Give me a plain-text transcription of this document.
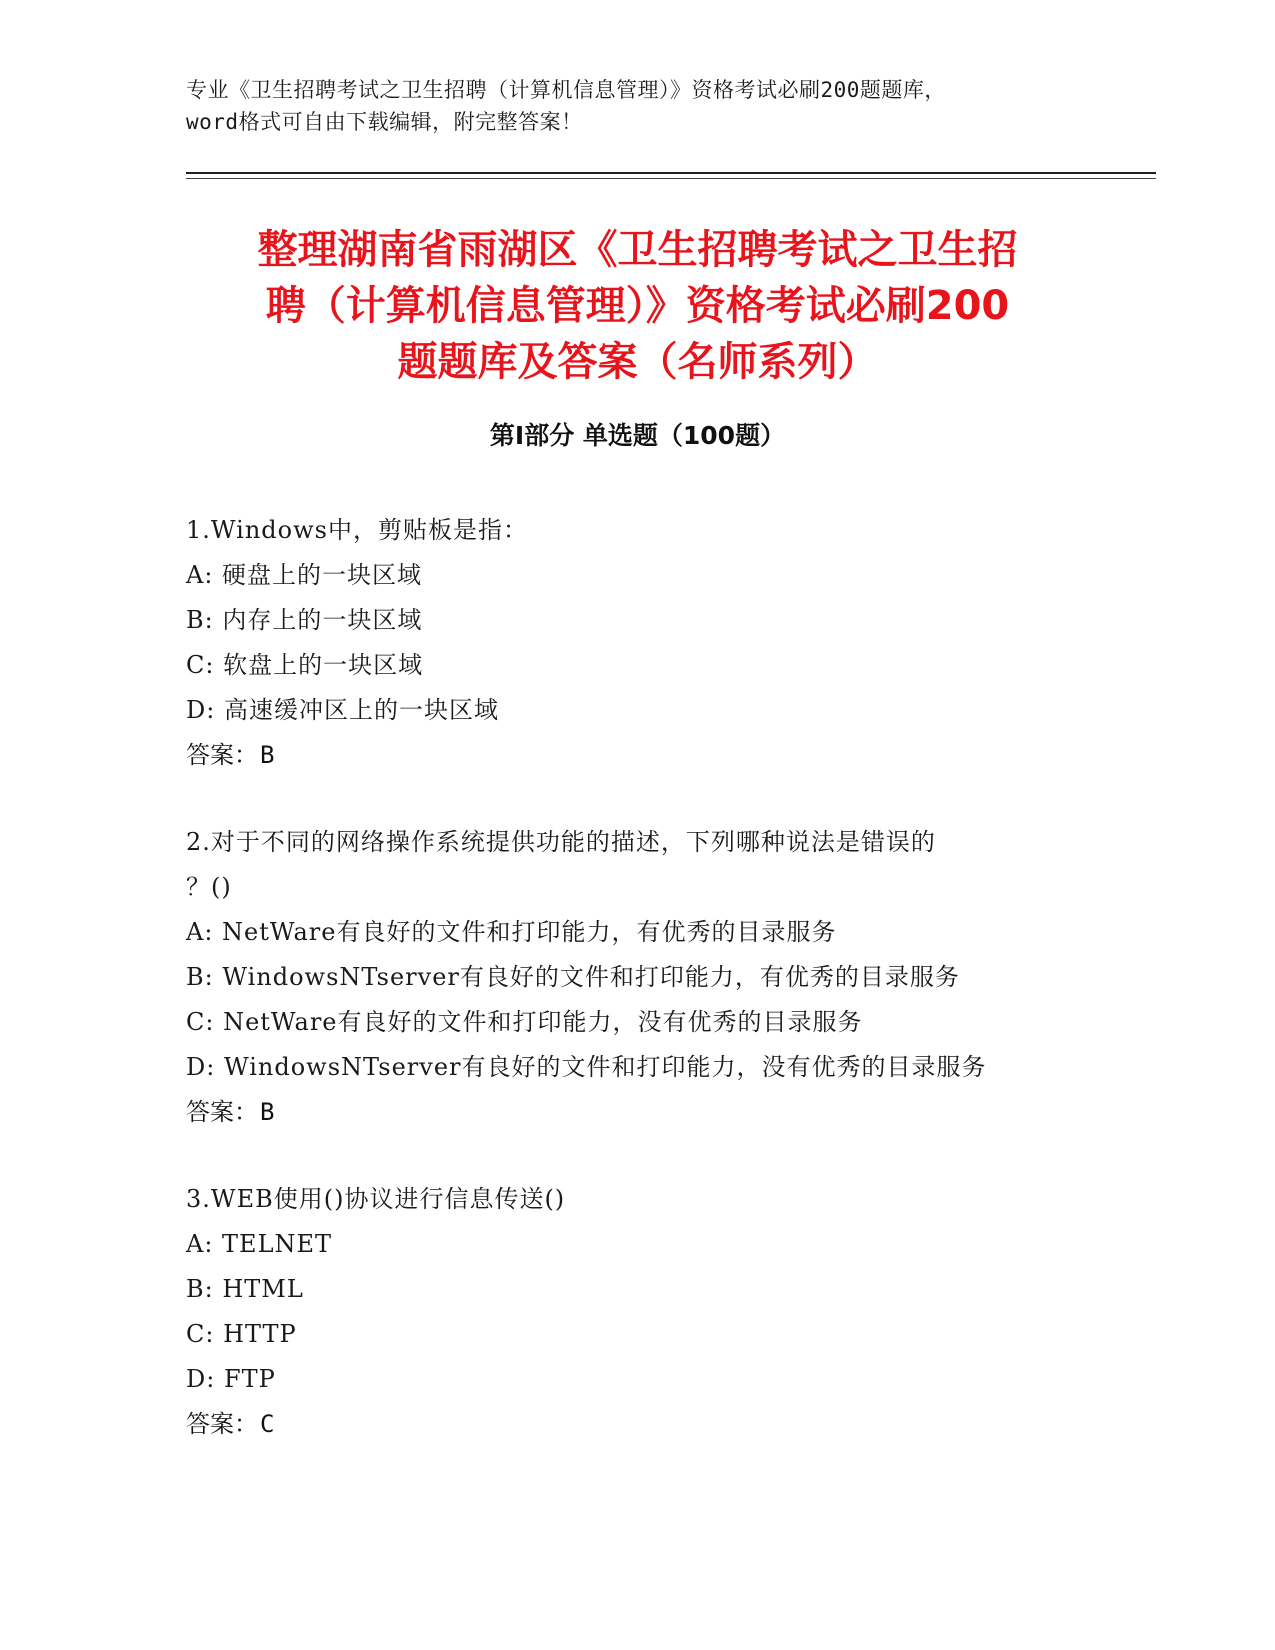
专业《卫生招聘考试之卫生招聘（计算机信息管理）》资格考试必刷200题题库，
word格式可自由下载编辑，附完整答案！
整理湖南省雨湖区《卫生招聘考试之卫生招
聘（计算机信息管理）》资格考试必刷200
题题库及答案（名师系列）
第Ⅰ部分 单选题（100题）
1.Windows中，剪贴板是指：
A: 硬盘上的一块区域
B: 内存上的一块区域
C: 软盘上的一块区域
D: 高速缓冲区上的一块区域
答案：B
2.对于不同的网络操作系统提供功能的描述，下列哪种说法是错误的
？()
A: NetWare有良好的文件和打印能力，有优秀的目录服务
B: WindowsNTserver有良好的文件和打印能力，有优秀的目录服务
C: NetWare有良好的文件和打印能力，没有优秀的目录服务
D: WindowsNTserver有良好的文件和打印能力，没有优秀的目录服务
答案：B
3.WEB使用()协议进行信息传送()
A: TELNET
B: HTML
C: HTTP
D: FTP
答案：C
